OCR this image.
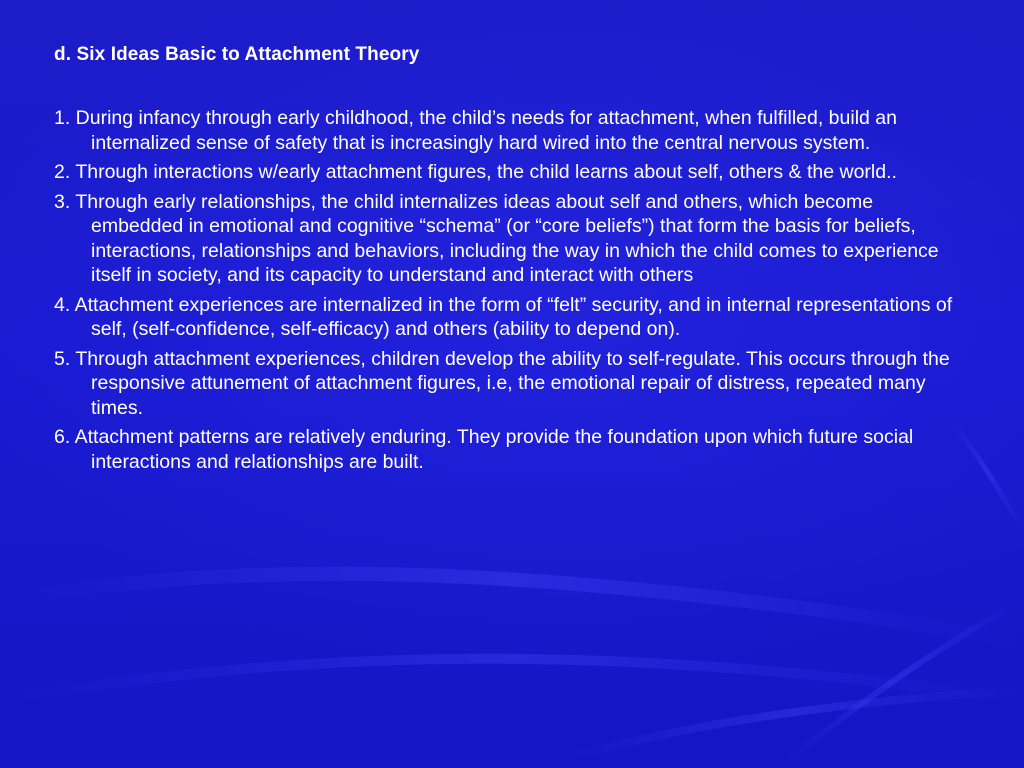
d. Six Ideas Basic to Attachment Theory

1. During infancy through early childhood, the child’s needs for attachment, when fulfilled, build an internalized sense of safety that is increasingly hard wired into the central nervous system.

2. Through interactions w/early attachment figures, the child learns about self, others & the world..

3. Through early relationships, the child internalizes ideas about self and others, which become embedded in emotional and cognitive “schema” (or “core beliefs”) that form the basis for beliefs, interactions, relationships and behaviors, including the way in which the child comes to experience itself in society, and its capacity to understand and interact with others

4. Attachment experiences are internalized in the form of “felt” security, and in internal representations of self, (self-confidence, self-efficacy) and others (ability to depend on).

5. Through attachment experiences, children develop the ability to self-regulate. This occurs through the responsive attunement of attachment figures, i.e, the emotional repair of distress, repeated many times.

6. Attachment patterns are relatively enduring. They provide the foundation upon which future social interactions and relationships are built.
